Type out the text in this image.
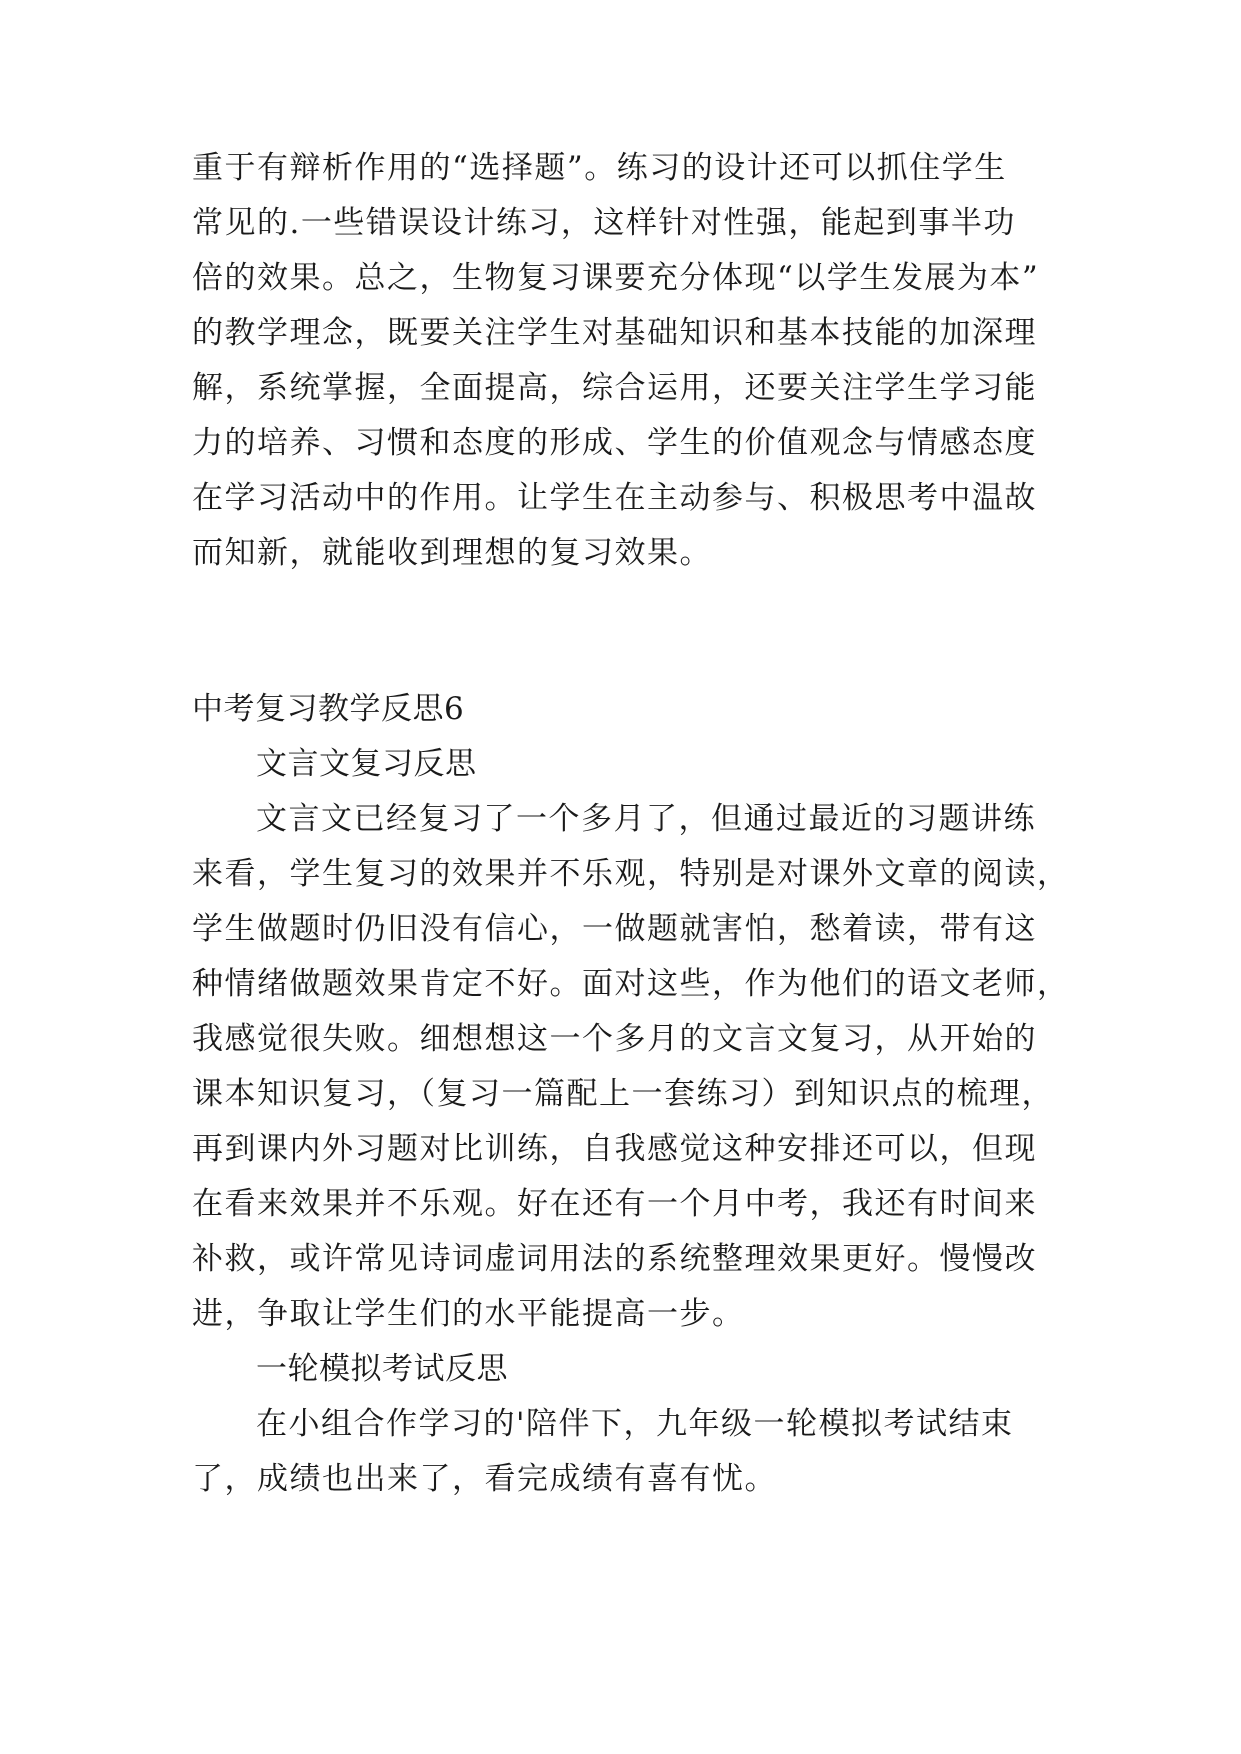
重于有辩析作用的“选择题”。练习的设计还可以抓住学生
常见的.一些错误设计练习，这样针对性强，能起到事半功
倍的效果。总之，生物复习课要充分体现“以学生发展为本”
的教学理念，既要关注学生对基础知识和基本技能的加深理
解，系统掌握，全面提高，综合运用，还要关注学生学习能
力的培养、习惯和态度的形成、学生的价值观念与情感态度
在学习活动中的作用。让学生在主动参与、积极思考中温故
而知新，就能收到理想的复习效果。
中考复习教学反思6
文言文复习反思
文言文已经复习了一个多月了，但通过最近的习题讲练
来看，学生复习的效果并不乐观，特别是对课外文章的阅读，
学生做题时仍旧没有信心，一做题就害怕，愁着读，带有这
种情绪做题效果肯定不好。面对这些，作为他们的语文老师，
我感觉很失败。细想想这一个多月的文言文复习，从开始的
课本知识复习，（复习一篇配上一套练习）到知识点的梳理，
再到课内外习题对比训练，自我感觉这种安排还可以，但现
在看来效果并不乐观。好在还有一个月中考，我还有时间来
补救，或许常见诗词虚词用法的系统整理效果更好。慢慢改
进，争取让学生们的水平能提高一步。
一轮模拟考试反思
在小组合作学习的'陪伴下，九年级一轮模拟考试结束
了，成绩也出来了，看完成绩有喜有忧。
